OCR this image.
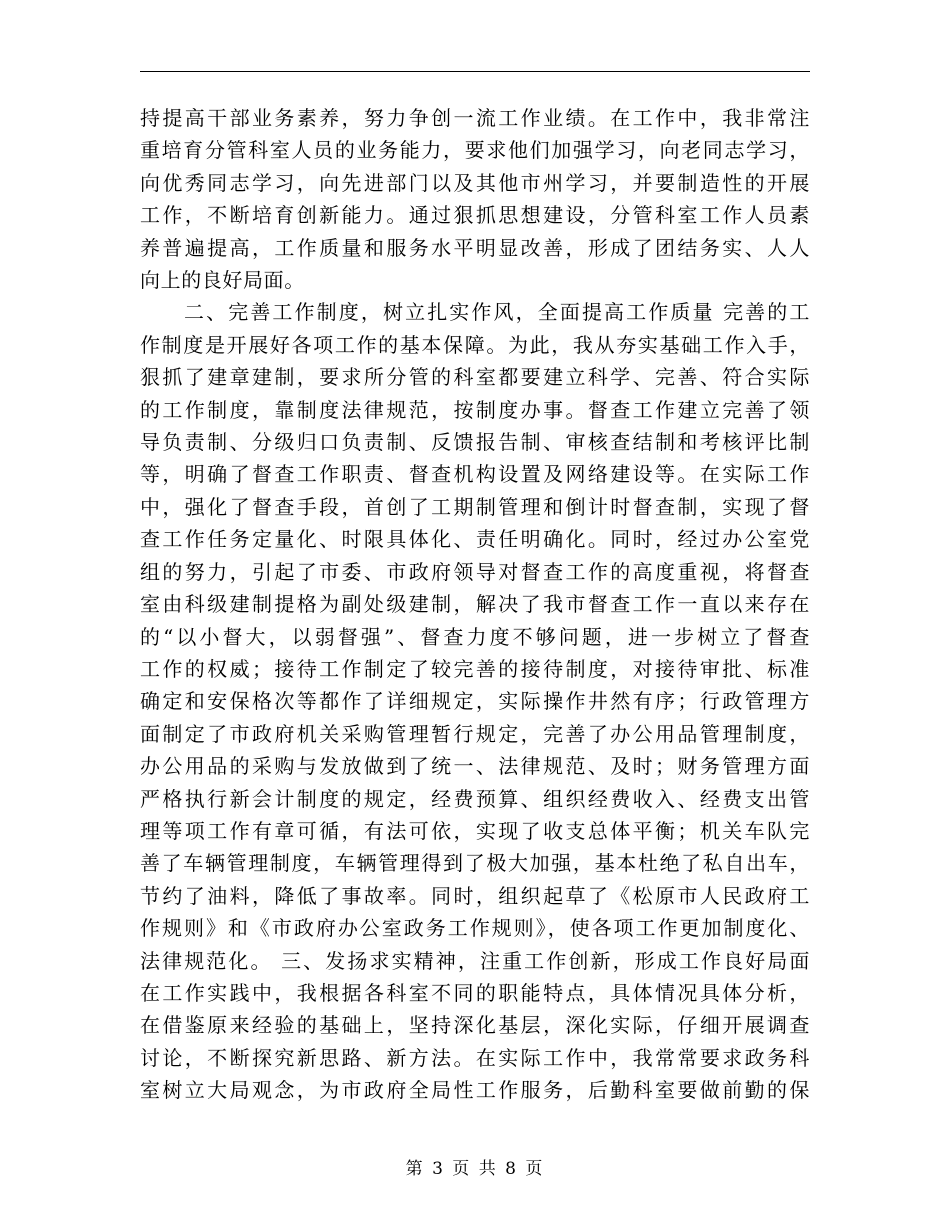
持提高干部业务素养，努力争创一流工作业绩。在工作中，我非常注
重培育分管科室人员的业务能力，要求他们加强学习，向老同志学习，
向优秀同志学习，向先进部门以及其他市州学习，并要制造性的开展
工作，不断培育创新能力。通过狠抓思想建设，分管科室工作人员素
养普遍提高，工作质量和服务水平明显改善，形成了团结务实、人人
向上的良好局面。

二、完善工作制度，树立扎实作风，全面提高工作质量 完善的工
作制度是开展好各项工作的基本保障。为此，我从夯实基础工作入手，
狠抓了建章建制，要求所分管的科室都要建立科学、完善、符合实际
的工作制度，靠制度法律规范，按制度办事。督查工作建立完善了领
导负责制、分级归口负责制、反馈报告制、审核查结制和考核评比制
等，明确了督查工作职责、督查机构设置及网络建设等。在实际工作
中，强化了督查手段，首创了工期制管理和倒计时督查制，实现了督
查工作任务定量化、时限具体化、责任明确化。同时，经过办公室党
组的努力，引起了市委、市政府领导对督查工作的高度重视，将督查
室由科级建制提格为副处级建制，解决了我市督查工作一直以来存在
的“以小督大，以弱督强”、督查力度不够问题，进一步树立了督查
工作的权威；接待工作制定了较完善的接待制度，对接待审批、标准
确定和安保格次等都作了详细规定，实际操作井然有序；行政管理方
面制定了市政府机关采购管理暂行规定，完善了办公用品管理制度，
办公用品的采购与发放做到了统一、法律规范、及时；财务管理方面
严格执行新会计制度的规定，经费预算、组织经费收入、经费支出管
理等项工作有章可循，有法可依，实现了收支总体平衡；机关车队完
善了车辆管理制度，车辆管理得到了极大加强，基本杜绝了私自出车，
节约了油料，降低了事故率。同时，组织起草了《松原市人民政府工
作规则》和《市政府办公室政务工作规则》，使各项工作更加制度化、
法律规范化。 三、发扬求实精神，注重工作创新，形成工作良好局面
在工作实践中，我根据各科室不同的职能特点，具体情况具体分析，
在借鉴原来经验的基础上，坚持深化基层，深化实际，仔细开展调查
讨论，不断探究新思路、新方法。在实际工作中，我常常要求政务科
室树立大局观念，为市政府全局性工作服务，后勤科室要做前勤的保

第 3 页 共 8 页
